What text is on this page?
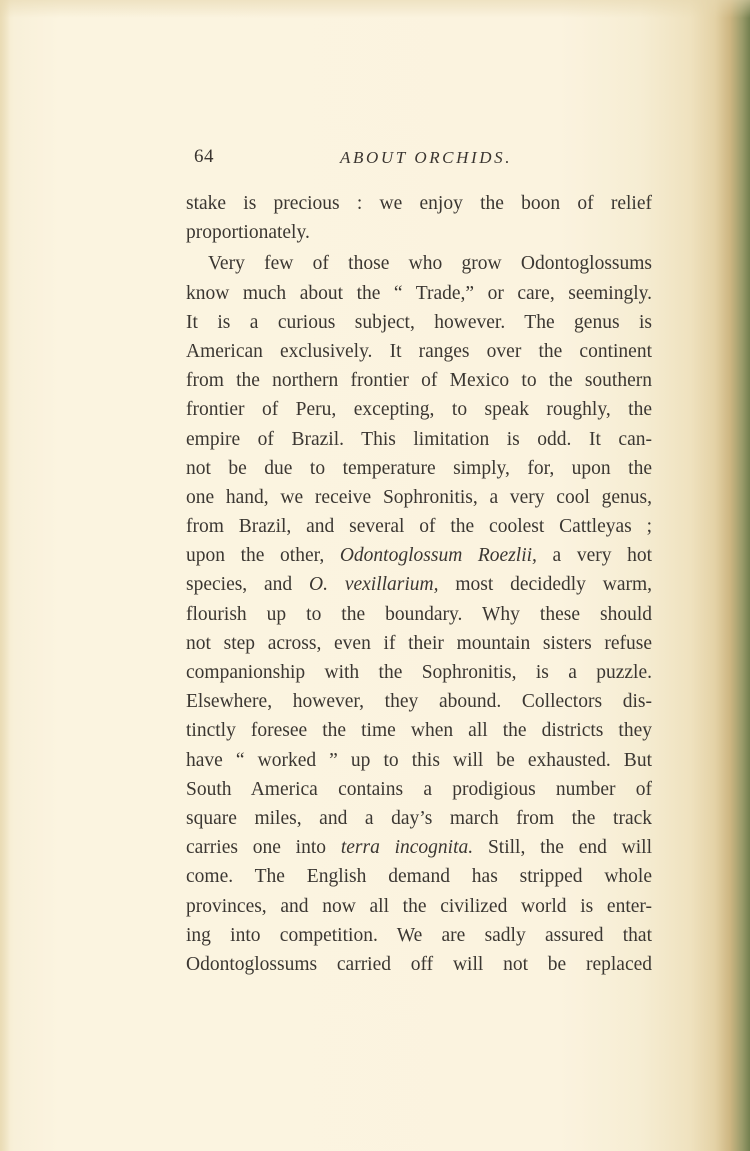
64	ABOUT ORCHIDS.
stake is precious : we enjoy the boon of relief
proportionately.
Very few of those who grow Odontoglossums
know much about the “ Trade,” or care, seemingly.
It is a curious subject, however. The genus is
American exclusively. It ranges over the continent
from the northern frontier of Mexico to the southern
frontier of Peru, excepting, to speak roughly, the
empire of Brazil. This limitation is odd. It can-
not be due to temperature simply, for, upon the
one hand, we receive Sophronitis, a very cool genus,
from Brazil, and several of the coolest Cattleyas ;
upon the other, Odontoglossum Roezlii, a very hot
species, and O. vexillarium, most decidedly warm,
flourish up to the boundary. Why these should
not step across, even if their mountain sisters refuse
companionship with the Sophronitis, is a puzzle.
Elsewhere, however, they abound. Collectors dis-
tinctly foresee the time when all the districts they
have “ worked ” up to this will be exhausted. But
South America contains a prodigious number of
square miles, and a day’s march from the track
carries one into terra incognita. Still, the end will
come. The English demand has stripped whole
provinces, and now all the civilized world is enter-
ing into competition. We are sadly assured that
Odontoglossums carried off will not be replaced
